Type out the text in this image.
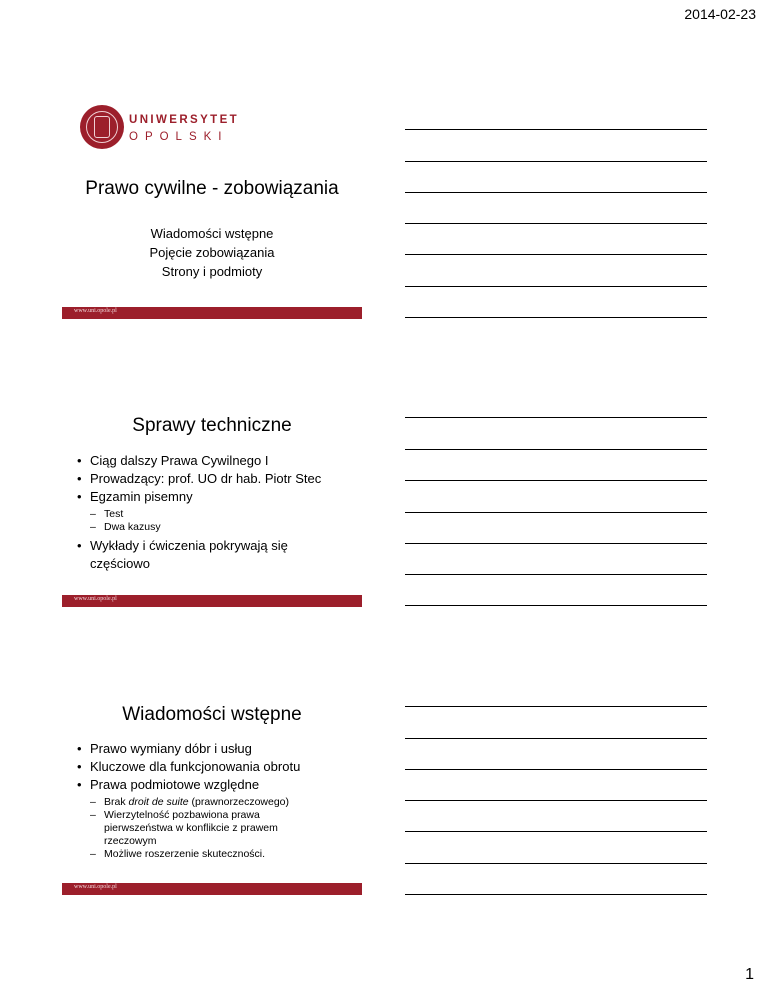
2014-02-23
UNIWERSYTET
OPOLSKI
Prawo cywilne - zobowiązania
Wiadomości wstępne
Pojęcie zobowiązania
Strony i podmioty
www.uni.opole.pl
Sprawy techniczne
• Ciąg dalszy Prawa Cywilnego I
• Prowadzący: prof. UO dr hab. Piotr Stec
• Egzamin pisemny
– Test
– Dwa kazusy
• Wykłady i ćwiczenia pokrywają się częściowo
www.uni.opole.pl
Wiadomości wstępne
• Prawo wymiany dóbr i usług
• Kluczowe dla funkcjonowania obrotu
• Prawa podmiotowe względne
– Brak droit de suite (prawnorzeczowego)
– Wierzytelność pozbawiona prawa pierwszeństwa w konflikcie z prawem rzeczowym
– Możliwe roszerzenie skuteczności.
www.uni.opole.pl
1
